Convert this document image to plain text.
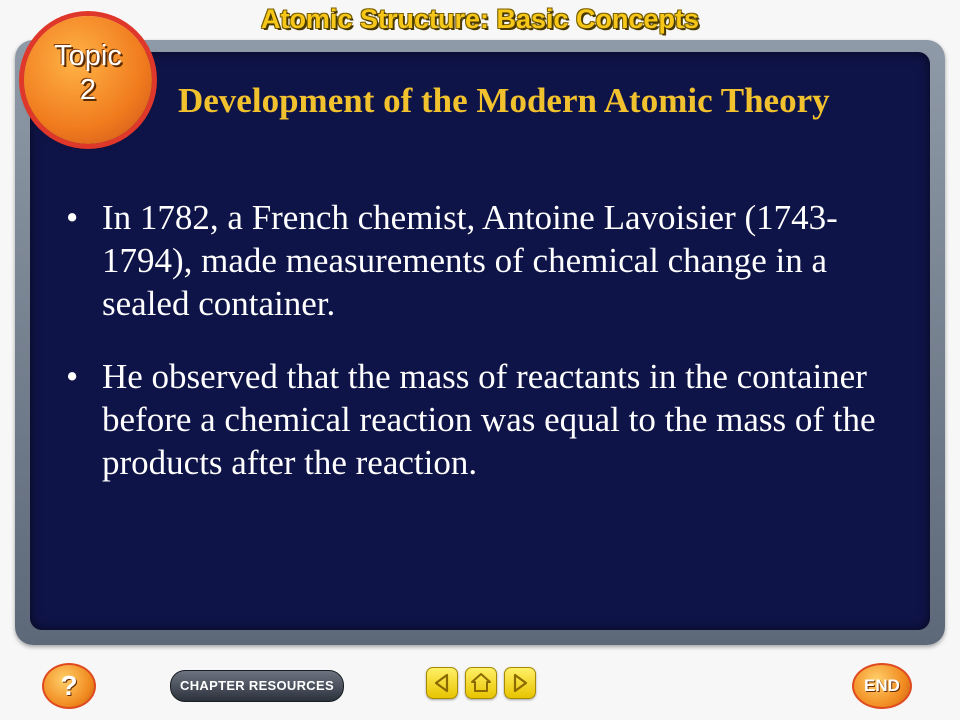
Atomic Structure: Basic Concepts
Topic
2	Development of the Modern Atomic Theory
• In 1782, a French chemist, Antoine Lavoisier (1743-1794), made measurements of chemical change in a sealed container.
• He observed that the mass of reactants in the container before a chemical reaction was equal to the mass of the products after the reaction.
?	CHAPTER RESOURCES	END
